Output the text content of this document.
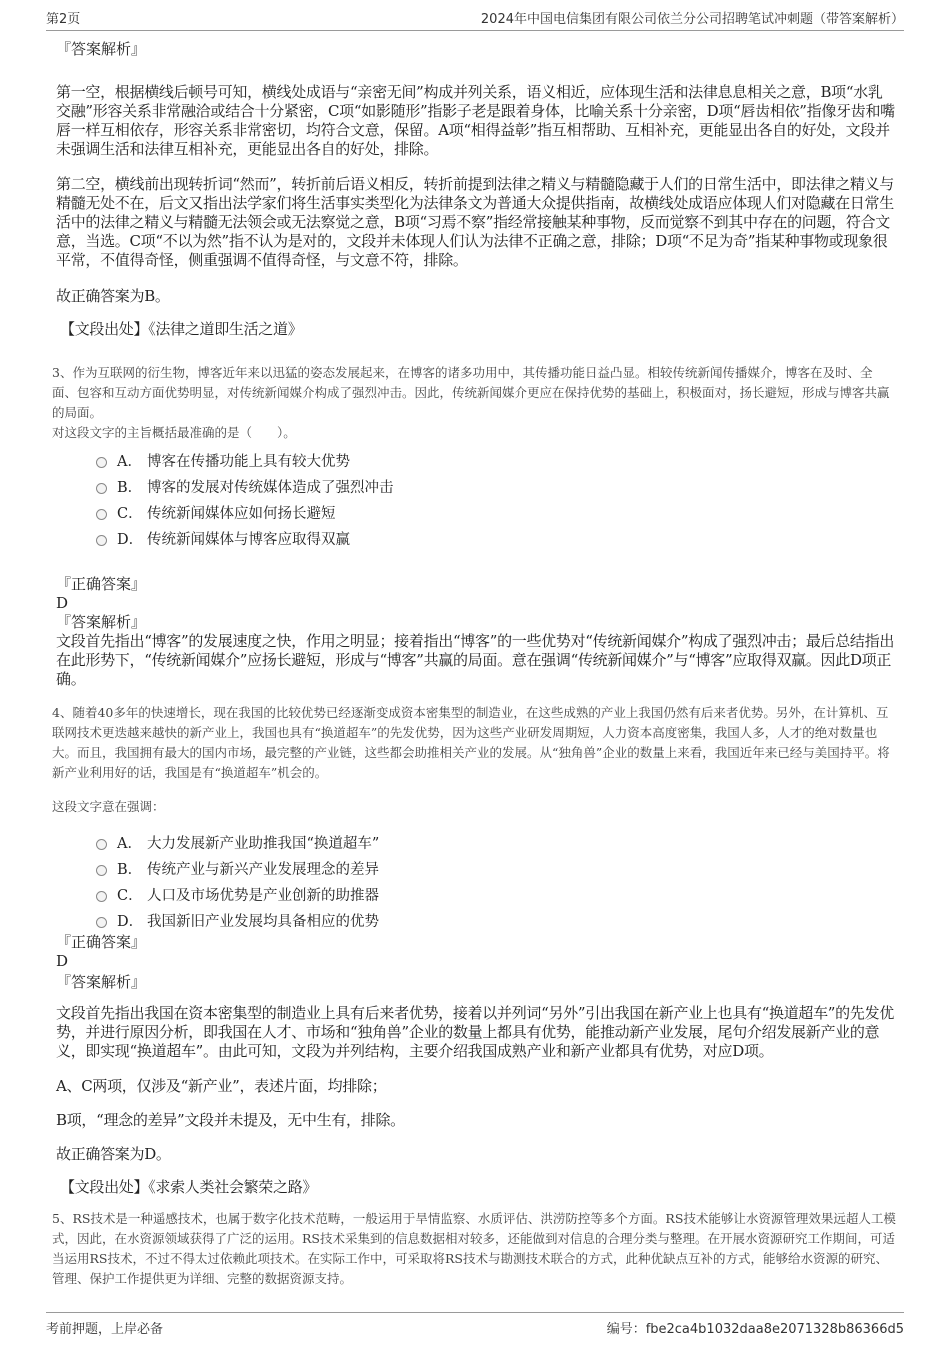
第2页	2024年中国电信集团有限公司依兰分公司招聘笔试冲刺题（带答案解析）

『答案解析』

第一空，根据横线后顿号可知，横线处成语与“亲密无间”构成并列关系，语义相近，应体现生活和法律息息相关之意，B项“水乳交融”形容关系非常融洽或结合十分紧密，C项“如影随形”指影子老是跟着身体，比喻关系十分亲密，D项“唇齿相依”指像牙齿和嘴唇一样互相依存，形容关系非常密切，均符合文意，保留。A项“相得益彰”指互相帮助、互相补充，更能显出各自的好处，文段并未强调生活和法律互相补充，更能显出各自的好处，排除。

第二空，横线前出现转折词“然而”，转折前后语义相反，转折前提到法律之精义与精髓隐藏于人们的日常生活中，即法律之精义与精髓无处不在，后文又指出法学家们将生活事实类型化为法律条文为普通大众提供指南，故横线处成语应体现人们对隐藏在日常生活中的法律之精义与精髓无法领会或无法察觉之意，B项“习焉不察”指经常接触某种事物，反而觉察不到其中存在的问题，符合文意，当选。C项“不以为然”指不认为是对的，文段并未体现人们认为法律不正确之意，排除；D项“不足为奇”指某种事物或现象很平常，不值得奇怪，侧重强调不值得奇怪，与文意不符，排除。

故正确答案为B。

【文段出处】《法律之道即生活之道》

3、作为互联网的衍生物，博客近年来以迅猛的姿态发展起来，在博客的诸多功用中，其传播功能日益凸显。相较传统新闻传播媒介，博客在及时、全面、包容和互动方面优势明显，对传统新闻媒介构成了强烈冲击。因此，传统新闻媒介更应在保持优势的基础上，积极面对，扬长避短，形成与博客共赢的局面。

对这段文字的主旨概括最准确的是（　　）。

A． 博客在传播功能上具有较大优势
B． 博客的发展对传统媒体造成了强烈冲击
C． 传统新闻媒体应如何扬长避短
D． 传统新闻媒体与博客应取得双赢

『正确答案』

D

『答案解析』

文段首先指出“博客”的发展速度之快，作用之明显；接着指出“博客”的一些优势对“传统新闻媒介”构成了强烈冲击；最后总结指出在此形势下，“传统新闻媒介”应扬长避短，形成与“博客”共赢的局面。意在强调“传统新闻媒介”与“博客”应取得双赢。因此D项正确。

4、随着40多年的快速增长，现在我国的比较优势已经逐渐变成资本密集型的制造业，在这些成熟的产业上我国仍然有后来者优势。另外，在计算机、互联网技术更迭越来越快的新产业上，我国也具有“换道超车”的先发优势，因为这些产业研发周期短，人力资本高度密集，我国人多，人才的绝对数量也大。而且，我国拥有最大的国内市场，最完整的产业链，这些都会助推相关产业的发展。从“独角兽”企业的数量上来看，我国近年来已经与美国持平。将新产业利用好的话，我国是有“换道超车”机会的。

这段文字意在强调：

A． 大力发展新产业助推我国“换道超车”
B． 传统产业与新兴产业发展理念的差异
C． 人口及市场优势是产业创新的助推器
D． 我国新旧产业发展均具备相应的优势

『正确答案』

D

『答案解析』

文段首先指出我国在资本密集型的制造业上具有后来者优势，接着以并列词“另外”引出我国在新产业上也具有“换道超车”的先发优势，并进行原因分析，即我国在人才、市场和“独角兽”企业的数量上都具有优势，能推动新产业发展，尾句介绍发展新产业的意义，即实现“换道超车”。由此可知，文段为并列结构，主要介绍我国成熟产业和新产业都具有优势，对应D项。

A、C两项，仅涉及“新产业”，表述片面，均排除；

B项，“理念的差异”文段并未提及，无中生有，排除。

故正确答案为D。

【文段出处】《求索人类社会繁荣之路》

5、RS技术是一种遥感技术，也属于数字化技术范畴，一般运用于旱情监察、水质评估、洪涝防控等多个方面。RS技术能够让水资源管理效果远超人工模式，因此，在水资源领域获得了广泛的运用。RS技术采集到的信息数据相对较多，还能做到对信息的合理分类与整理。在开展水资源研究工作期间，可适当运用RS技术，不过不得太过依赖此项技术。在实际工作中，可采取将RS技术与勘测技术联合的方式，此种优缺点互补的方式，能够给水资源的研究、管理、保护工作提供更为详细、完整的数据资源支持。

考前押题，上岸必备	编号：fbe2ca4b1032daa8e2071328b86366d5
